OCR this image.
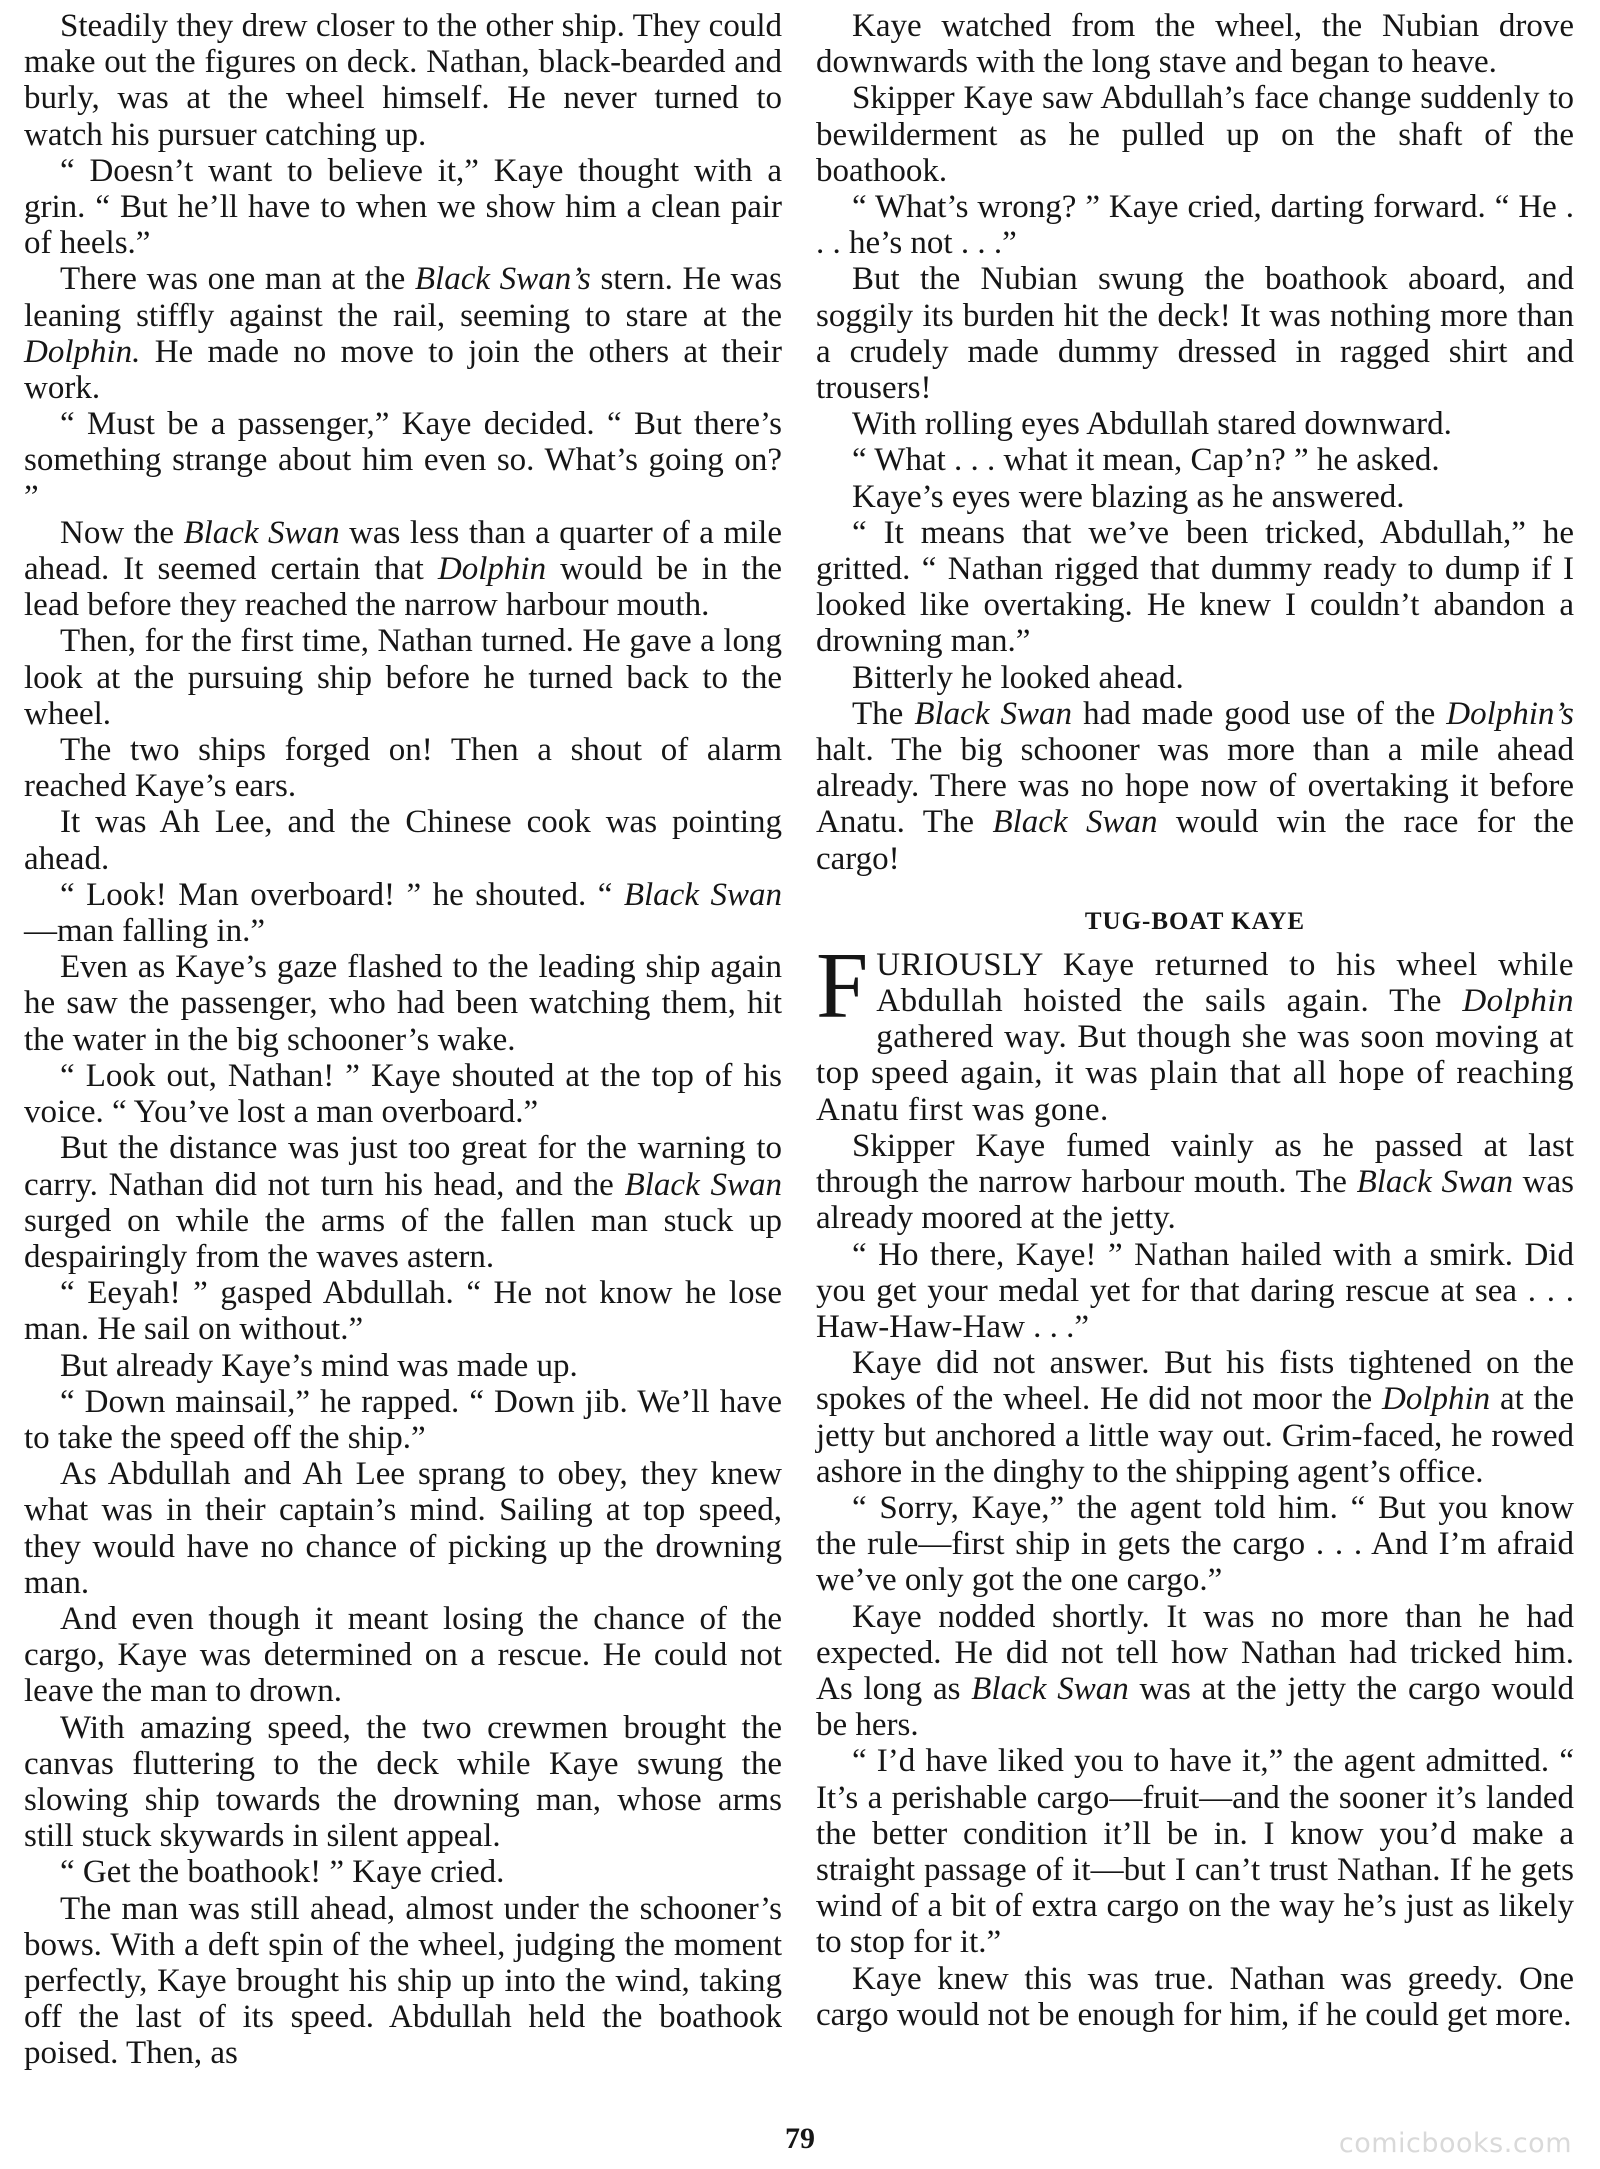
Steadily they drew closer to the other ship. They could make out the figures on deck. Nathan, black-bearded and burly, was at the wheel himself. He never turned to watch his pursuer catching up.

“ Doesn’t want to believe it,” Kaye thought with a grin. “ But he’ll have to when we show him a clean pair of heels.”

There was one man at the Black Swan’s stern. He was leaning stiffly against the rail, seeming to stare at the Dolphin. He made no move to join the others at their work.

“ Must be a passenger,” Kaye decided. “ But there’s something strange about him even so. What’s going on? ”

Now the Black Swan was less than a quarter of a mile ahead. It seemed certain that Dolphin would be in the lead before they reached the narrow harbour mouth.

Then, for the first time, Nathan turned. He gave a long look at the pursuing ship before he turned back to the wheel.

The two ships forged on! Then a shout of alarm reached Kaye’s ears.

It was Ah Lee, and the Chinese cook was pointing ahead.

“ Look! Man overboard! ” he shouted. “ Black Swan—man falling in.”

Even as Kaye’s gaze flashed to the leading ship again he saw the passenger, who had been watching them, hit the water in the big schooner’s wake.

“ Look out, Nathan! ” Kaye shouted at the top of his voice. “ You’ve lost a man overboard.”

But the distance was just too great for the warning to carry. Nathan did not turn his head, and the Black Swan surged on while the arms of the fallen man stuck up despairingly from the waves astern.

“ Eeyah! ” gasped Abdullah. “ He not know he lose man. He sail on without.”

But already Kaye’s mind was made up.

“ Down mainsail,” he rapped. “ Down jib. We’ll have to take the speed off the ship.”

As Abdullah and Ah Lee sprang to obey, they knew what was in their captain’s mind. Sailing at top speed, they would have no chance of picking up the drowning man.

And even though it meant losing the chance of the cargo, Kaye was determined on a rescue. He could not leave the man to drown.

With amazing speed, the two crewmen brought the canvas fluttering to the deck while Kaye swung the slowing ship towards the drowning man, whose arms still stuck skywards in silent appeal.

“ Get the boathook! ” Kaye cried.

The man was still ahead, almost under the schooner’s bows. With a deft spin of the wheel, judging the moment perfectly, Kaye brought his ship up into the wind, taking off the last of its speed. Abdullah held the boathook poised. Then, as

Kaye watched from the wheel, the Nubian drove downwards with the long stave and began to heave.

Skipper Kaye saw Abdullah’s face change suddenly to bewilderment as he pulled up on the shaft of the boathook.

“ What’s wrong? ” Kaye cried, darting forward. “ He . . . he’s not . . .”

But the Nubian swung the boathook aboard, and soggily its burden hit the deck! It was nothing more than a crudely made dummy dressed in ragged shirt and trousers!

With rolling eyes Abdullah stared downward.

“ What . . . what it mean, Cap’n? ” he asked.

Kaye’s eyes were blazing as he answered.

“ It means that we’ve been tricked, Abdullah,” he gritted. “ Nathan rigged that dummy ready to dump if I looked like overtaking. He knew I couldn’t abandon a drowning man.”

Bitterly he looked ahead.

The Black Swan had made good use of the Dolphin’s halt. The big schooner was more than a mile ahead already. There was no hope now of overtaking it before Anatu. The Black Swan would win the race for the cargo!

TUG-BOAT KAYE

F URIOUSLY Kaye returned to his wheel while Abdullah hoisted the sails again. The Dolphin gathered way. But though she was soon moving at top speed again, it was plain that all hope of reaching Anatu first was gone.

Skipper Kaye fumed vainly as he passed at last through the narrow harbour mouth. The Black Swan was already moored at the jetty.

“ Ho there, Kaye! ” Nathan hailed with a smirk. Did you get your medal yet for that daring rescue at sea . . . Haw-Haw-Haw . . .”

Kaye did not answer. But his fists tightened on the spokes of the wheel. He did not moor the Dolphin at the jetty but anchored a little way out. Grim-faced, he rowed ashore in the dinghy to the shipping agent’s office.

“ Sorry, Kaye,” the agent told him. “ But you know the rule—first ship in gets the cargo . . . And I’m afraid we’ve only got the one cargo.”

Kaye nodded shortly. It was no more than he had expected. He did not tell how Nathan had tricked him. As long as Black Swan was at the jetty the cargo would be hers.

“ I’d have liked you to have it,” the agent admitted. “ It’s a perishable cargo—fruit—and the sooner it’s landed the better condition it’ll be in. I know you’d make a straight passage of it—but I can’t trust Nathan. If he gets wind of a bit of extra cargo on the way he’s just as likely to stop for it.”

Kaye knew this was true. Nathan was greedy. One cargo would not be enough for him, if he could get more.

79	comicbooks.com
